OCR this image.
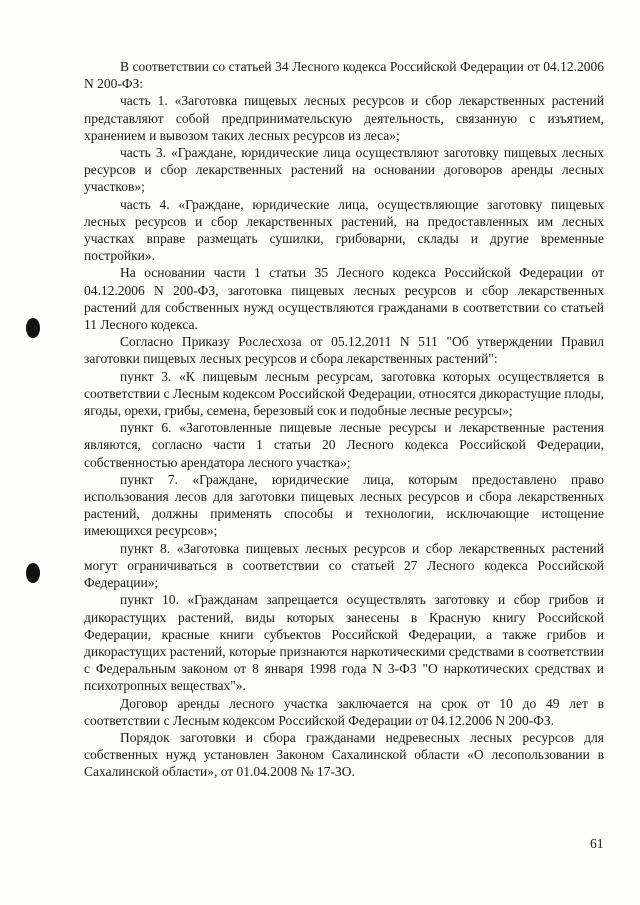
В соответствии со статьей 34 Лесного кодекса Российской Федерации от 04.12.2006 N 200-ФЗ:

часть 1. «Заготовка пищевых лесных ресурсов и сбор лекарственных растений представляют собой предпринимательскую деятельность, связанную с изъятием, хранением и вывозом таких лесных ресурсов из леса»;

часть 3. «Граждане, юридические лица осуществляют заготовку пищевых лесных ресурсов и сбор лекарственных растений на основании договоров аренды лесных участков»;

часть 4. «Граждане, юридические лица, осуществляющие заготовку пищевых лесных ресурсов и сбор лекарственных растений, на предоставленных им лесных участках вправе размещать сушилки, грибоварни, склады и другие временные постройки».

На основании части 1 статьи 35 Лесного кодекса Российской Федерации от 04.12.2006 N 200-ФЗ, заготовка пищевых лесных ресурсов и сбор лекарственных растений для собственных нужд осуществляются гражданами в соответствии со статьей 11 Лесного кодекса.

Согласно Приказу Рослесхоза от 05.12.2011 N 511 "Об утверждении Правил заготовки пищевых лесных ресурсов и сбора лекарственных растений":

пункт 3. «К пищевым лесным ресурсам, заготовка которых осуществляется в соответствии с Лесным кодексом Российской Федерации, относятся дикорастущие плоды, ягоды, орехи, грибы, семена, березовый сок и подобные лесные ресурсы»;

пункт 6. «Заготовленные пищевые лесные ресурсы и лекарственные растения являются, согласно части 1 статьи 20 Лесного кодекса Российской Федерации, собственностью арендатора лесного участка»;

пункт 7. «Граждане, юридические лица, которым предоставлено право использования лесов для заготовки пищевых лесных ресурсов и сбора лекарственных растений, должны применять способы и технологии, исключающие истощение имеющихся ресурсов»;

пункт 8. «Заготовка пищевых лесных ресурсов и сбор лекарственных растений могут ограничиваться в соответствии со статьей 27 Лесного кодекса Российской Федерации»;

пункт 10. «Гражданам запрещается осуществлять заготовку и сбор грибов и дикорастущих растений, виды которых занесены в Красную книгу Российской Федерации, красные книги субъектов Российской Федерации, а также грибов и дикорастущих растений, которые признаются наркотическими средствами в соответствии с Федеральным законом от 8 января 1998 года N 3-ФЗ "О наркотических средствах и психотропных веществах"».

Договор аренды лесного участка заключается на срок от 10 до 49 лет в соответствии с Лесным кодексом Российской Федерации от 04.12.2006 N 200-ФЗ.

Порядок заготовки и сбора гражданами недревесных лесных ресурсов для собственных нужд установлен Законом Сахалинской области «О лесопользовании в Сахалинской области», от 01.04.2008 № 17-ЗО.

61
